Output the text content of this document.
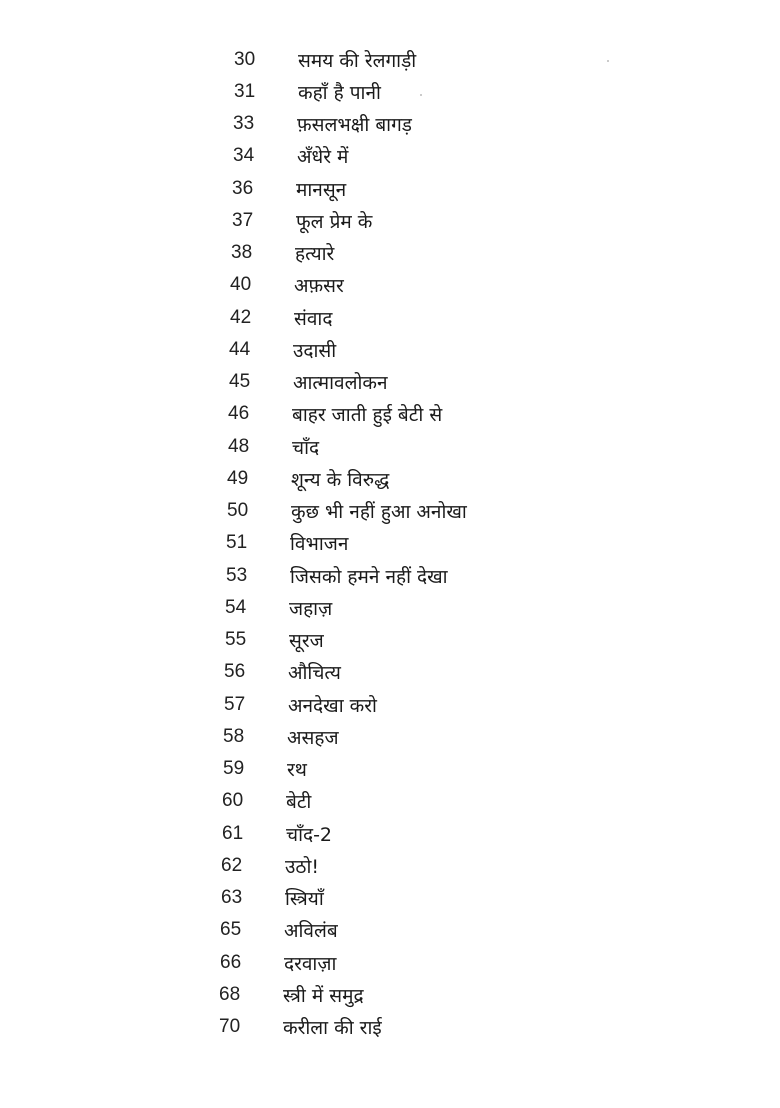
30	समय की रेलगाड़ी
31	कहाँ है पानी
33	फ़सलभक्षी बागड़
34	अँधेरे में
36	मानसून
37	फूल प्रेम के
38	हत्यारे
40	अफ़सर
42	संवाद
44	उदासी
45	आत्मावलोकन
46	बाहर जाती हुई बेटी से
48	चाँद
49	शून्य के विरुद्ध
50	कुछ भी नहीं हुआ अनोखा
51	विभाजन
53	जिसको हमने नहीं देखा
54	जहाज़
55	सूरज
56	औचित्य
57	अनदेखा करो
58	असहज
59	रथ
60	बेटी
61	चाँद-2
62	उठो!
63	स्त्रियाँ
65	अविलंब
66	दरवाज़ा
68	स्त्री में समुद्र
70	करीला की राई
